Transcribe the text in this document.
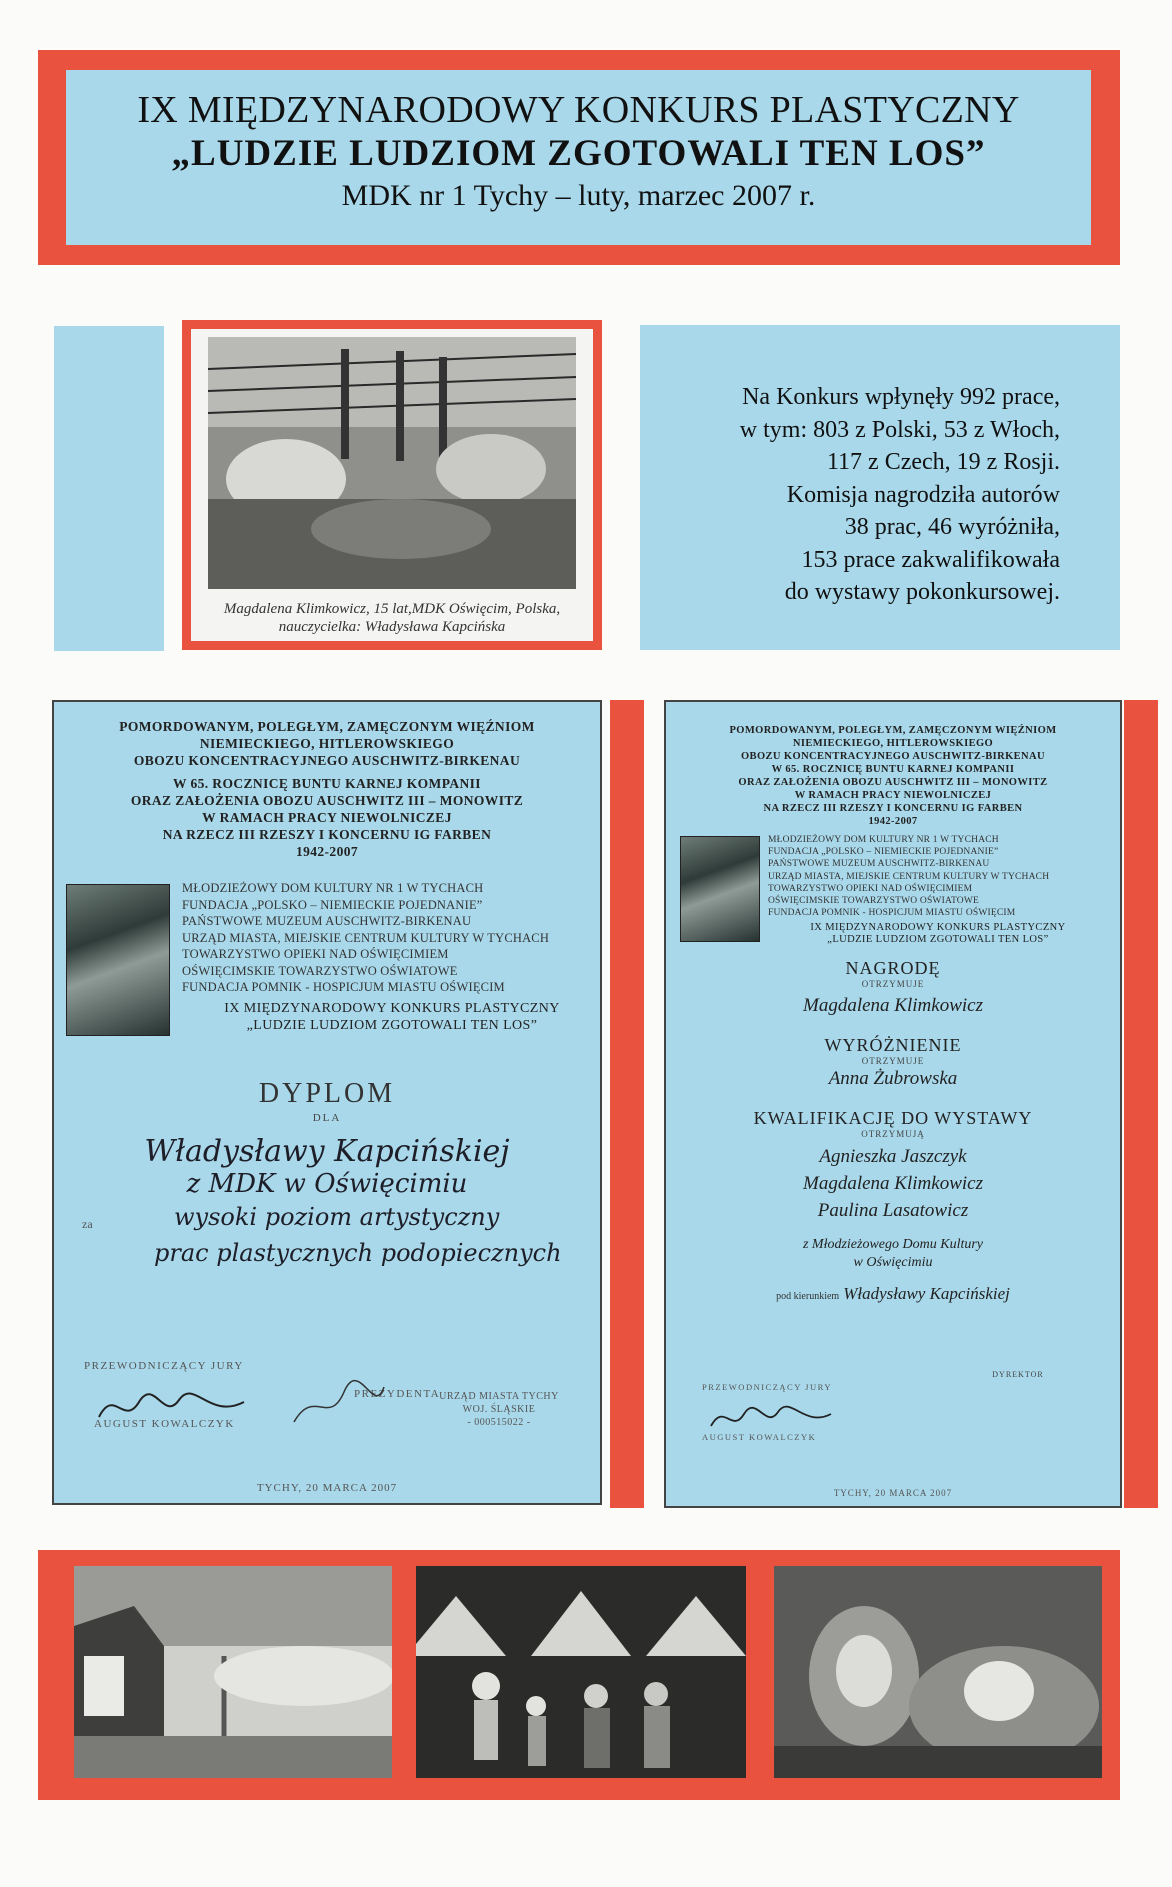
IX MIĘDZYNARODOWY KONKURS PLASTYCZNY
„LUDZIE LUDZIOM ZGOTOWALI TEN LOS”
MDK nr 1 Tychy – luty, marzec 2007 r.
Magdalena Klimkowicz, 15 lat,MDK Oświęcim, Polska,
nauczycielka: Władysława Kapcińska
Na Konkurs wpłynęły 992 prace,
w tym: 803 z Polski, 53 z Włoch,
117 z Czech, 19 z Rosji.
Komisja nagrodziła autorów
38 prac, 46 wyróżniła,
153 prace zakwalifikowała
do wystawy pokonkursowej.
POMORDOWANYM, POLEGŁYM, ZAMĘCZONYM WIĘŹNIOM
NIEMIECKIEGO, HITLEROWSKIEGO
OBOZU KONCENTRACYJNEGO AUSCHWITZ-BIRKENAU
W 65. ROCZNICĘ BUNTU KARNEJ KOMPANII
ORAZ ZAŁOŻENIA OBOZU AUSCHWITZ III – MONOWITZ
W RAMACH PRACY NIEWOLNICZEJ
NA RZECZ III RZESZY I KONCERNU IG FARBEN
1942-2007
MŁODZIEŻOWY DOM KULTURY NR 1 W TYCHACH
FUNDACJA „POLSKO – NIEMIECKIE POJEDNANIE”
PAŃSTWOWE MUZEUM AUSCHWITZ-BIRKENAU
URZĄD MIASTA, MIEJSKIE CENTRUM KULTURY W TYCHACH
TOWARZYSTWO OPIEKI NAD OŚWIĘCIMIEM
OŚWIĘCIMSKIE TOWARZYSTWO OŚWIATOWE
FUNDACJA POMNIK - HOSPICJUM MIASTU OŚWIĘCIM
IX MIĘDZYNARODOWY KONKURS PLASTYCZNY
„LUDZIE LUDZIOM ZGOTOWALI TEN LOS”
DYPLOM
DLA
Władysławy Kapcińskiej
z MDK w Oświęcimiu
za	wysoki poziom artystyczny
prac plastycznych podopiecznych
PRZEWODNICZĄCY JURY
AUGUST KOWALCZYK
PREZYDENTA
URZĄD MIASTA TYCHY
WOJ. ŚLĄSKIE
- 000515022 -
TYCHY, 20 MARCA 2007
POMORDOWANYM, POLEGŁYM, ZAMĘCZONYM WIĘŹNIOM
NIEMIECKIEGO, HITLEROWSKIEGO
OBOZU KONCENTRACYJNEGO AUSCHWITZ-BIRKENAU
W 65. ROCZNICĘ BUNTU KARNEJ KOMPANII
ORAZ ZAŁOŻENIA OBOZU AUSCHWITZ III – MONOWITZ
W RAMACH PRACY NIEWOLNICZEJ
NA RZECZ III RZESZY I KONCERNU IG FARBEN
1942-2007
MŁODZIEŻOWY DOM KULTURY NR 1 W TYCHACH
FUNDACJA „POLSKO – NIEMIECKIE POJEDNANIE”
PAŃSTWOWE MUZEUM AUSCHWITZ-BIRKENAU
URZĄD MIASTA, MIEJSKIE CENTRUM KULTURY W TYCHACH
TOWARZYSTWO OPIEKI NAD OŚWIĘCIMIEM
OŚWIĘCIMSKIE TOWARZYSTWO OŚWIATOWE
FUNDACJA POMNIK - HOSPICJUM MIASTU OŚWIĘCIM
IX MIĘDZYNARODOWY KONKURS PLASTYCZNY
„LUDZIE LUDZIOM ZGOTOWALI TEN LOS”
NAGRODĘ
OTRZYMUJE
Magdalena Klimkowicz
WYRÓŻNIENIE
OTRZYMUJE
Anna Żubrowska
KWALIFIKACJĘ DO WYSTAWY
OTRZYMUJĄ
Agnieszka Jaszczyk
Magdalena Klimkowicz
Paulina Lasatowicz
z Młodzieżowego Domu Kultury
w Oświęcimiu
pod kierunkiem Władysławy Kapcińskiej
PRZEWODNICZĄCY JURY
AUGUST KOWALCZYK
DYREKTOR
TYCHY, 20 MARCA 2007
